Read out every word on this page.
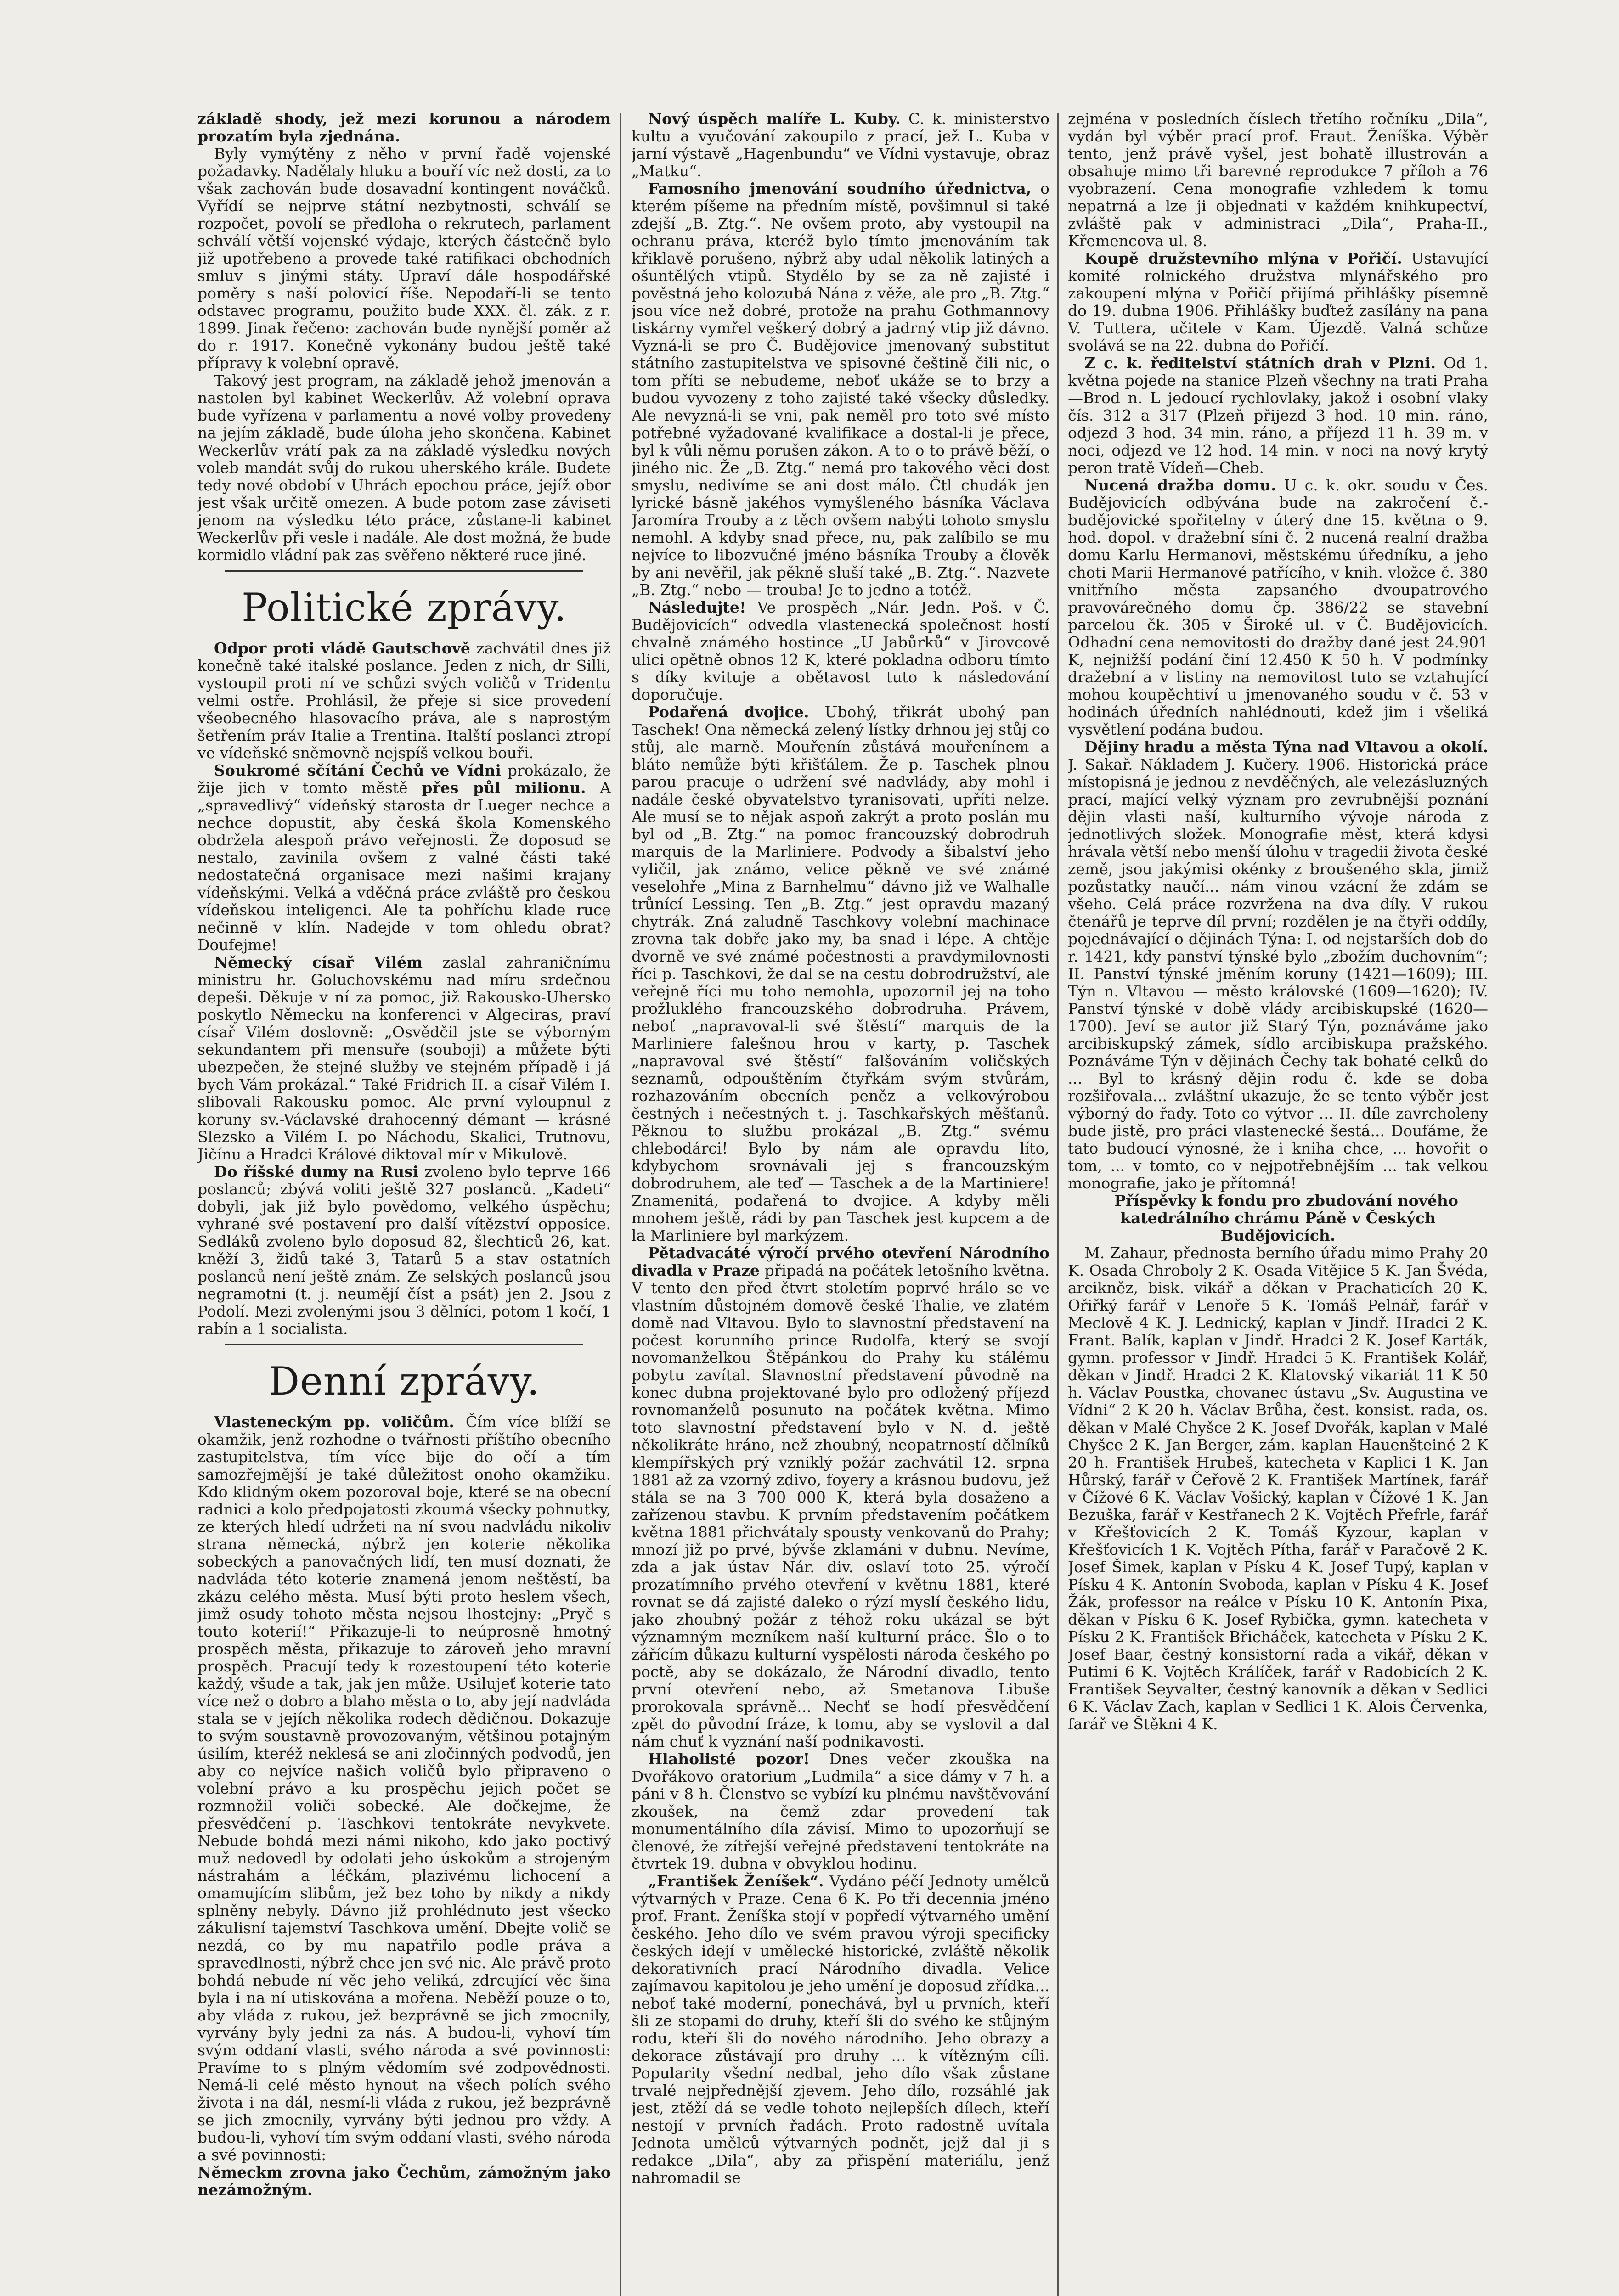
základě shody, jež mezi korunou a národem prozatím byla zjednána.

Byly vymýtěny z něho v první řadě vojenské požadavky. Nadělaly hluku a bouří víc než dosti, za to však zachován bude dosavadní kontingent nováčků. Vyřídí se nejprve státní nezbytnosti, schválí se rozpočet, povolí se předloha o rekrutech, parlament schválí větší vojenské výdaje, kterých částečně bylo již upotřebeno a provede také ratifikaci obchodních smluv s jinými státy. Upraví dále hospodářské poměry s naší polovicí říše. Nepodaří-li se tento odstavec programu, použito bude XXX. čl. zák. z r. 1899. Jinak řečeno: zachován bude nynější poměr až do r. 1917. Konečně vykonány budou ještě také přípravy k volební opravě.

Takový jest program, na základě jehož jmenován a nastolen byl kabinet Weckerlův. Až volební oprava bude vyřízena v parlamentu a nové volby provedeny na jejím základě, bude úloha jeho skončena. Kabinet Weckerlův vrátí pak za na základě výsledku nových voleb mandát svůj do rukou uherského krále. Budete tedy nové období v Uhrách epochou práce, jejíž obor jest však určitě omezen. A bude potom zase záviseti jenom na výsledku této práce, zůstane-li kabinet Weckerlův při vesle i nadále. Ale dost možná, že bude kormidlo vládní pak zas svěřeno některé ruce jiné.

Politické zprávy.

Odpor proti vládě Gautschově zachvátil dnes již konečně také italské poslance. Jeden z nich, dr Silli, vystoupil proti ní ve schůzi svých voličů v Tridentu velmi ostře. Prohlásil, že přeje si sice provedení všeobecného hlasovacího práva, ale s naprostým šetřením práv Italie a Trentina. Italští poslanci ztropí ve vídeňské sněmovně nejspíš velkou bouři.

Soukromé sčítání Čechů ve Vídni prokázalo, že žije jich v tomto městě přes půl milionu. A „spravedlivý“ vídeňský starosta dr Lueger nechce a nechce dopustit, aby česká škola Komenského obdržela alespoň právo veřejnosti. Že doposud se nestalo, zavinila ovšem z valné části také nedostatečná organisace mezi našimi krajany vídeňskými. Velká a vděčná práce zvláště pro českou vídeňskou inteligenci. Ale ta pohříchu klade ruce nečinně v klín. Nadejde v tom ohledu obrat? Doufejme!

Německý císař Vilém zaslal zahraničnímu ministru hr. Goluchovskému nad míru srdečnou depeši. Děkuje v ní za pomoc, již Rakousko-Uhersko poskytlo Německu na konferenci v Algeciras, praví císař Vilém doslovně: „Osvědčil jste se výborným sekundantem při mensuře (souboji) a můžete býti ubezpečen, že stejné služby ve stejném případě i já bych Vám prokázal.“ Také Fridrich II. a císař Vilém I. slibovali Rakousku pomoc. Ale první vyloupnul z koruny sv.-Václavské drahocenný démant — krásné Slezsko a Vilém I. po Náchodu, Skalici, Trutnovu, Jičínu a Hradci Králové diktoval mír v Mikulově.

Do říšské dumy na Rusi zvoleno bylo teprve 166 poslanců; zbývá voliti ještě 327 poslanců. „Kadeti“ dobyli, jak již bylo povědomo, velkého úspěchu; vyhrané své postavení pro další vítězství opposice. Sedláků zvoleno bylo doposud 82, šlechticů 26, kat. kněží 3, židů také 3, Tatarů 5 a stav ostatních poslanců není ještě znám. Ze selských poslanců jsou negramotni (t. j. neumějí číst a psát) jen 2. Jsou z Podolí. Mezi zvolenými jsou 3 dělníci, potom 1 kočí, 1 rabín a 1 socialista.

Denní zprávy.

Vlasteneckým pp. voličům. Čím více blíží se okamžik, jenž rozhodne o tvářnosti příštího obecního zastupitelstva, tím více bije do očí a tím samozřejmější je také důležitost onoho okamžiku. Kdo klidným okem pozoroval boje, které se na obecní radnici a kolo předpojatosti zkoumá všecky pohnutky, ze kterých hledí udržeti na ní svou nadvládu nikoliv strana německá, nýbrž jen koterie několika sobeckých a panovačných lidí, ten musí doznati, že nadvláda této koterie znamená jenom neštěstí, ba zkázu celého města. Musí býti proto heslem všech, jimž osudy tohoto města nejsou lhostejny: „Pryč s touto koterií!“ Přikazuje-li to neúprosně hmotný prospěch města, přikazuje to zároveň jeho mravní prospěch. Pracují tedy k rozestoupení této koterie každý, všude a tak, jak jen může. Usilujeť koterie tato více než o dobro a blaho města o to, aby její nadvláda stala se v jejích několika rodech dědičnou. Dokazuje to svým soustavně provozovaným, většinou potajným úsilím, kteréž neklesá se ani zločinných podvodů, jen aby co nejvíce našich voličů bylo připraveno o volební právo a ku prospěchu jejich počet se rozmnožil voliči sobecké. Ale dočkejme, že přesvědčení p. Taschkovi tentokráte nevykvete. Nebude bohdá mezi námi nikoho, kdo jako poctivý muž nedovedl by odolati jeho úskokům a strojeným nástrahám a léčkám, plazivému lichocení a omamujícím slibům, jež bez toho by nikdy a nikdy splněny nebyly. Dávno již prohlédnuto jest všecko zákulisní tajemství Taschkova umění. Dbejte volič se nezdá, co by mu napatřilo podle práva a spravedlnosti, nýbrž chce jen své nic. Ale právě proto bohdá nebude ní věc jeho veliká, zdrcující věc šina byla i na ní utiskována a mořena. Neběží pouze o to, aby vláda z rukou, jež bezprávně se jich zmocnily, vyrvány byly jedni za nás. A budou-li, vyhoví tím svým oddaní vlasti, svého národa a své povinnosti: Pravíme to s plným vědomím své zodpovědnosti. Nemá-li celé město hynout na všech polích svého života i na dál, nesmí-li vláda z rukou, jež bezprávně se jich zmocnily, vyrvány býti jednou pro vždy. A budou-li, vyhoví tím svým oddaní vlasti, svého národa a své povinnosti:

Německm zrovna jako Čechům, zámožným jako nezámožným.

Nový úspěch malíře L. Kuby. C. k. ministerstvo kultu a vyučování zakoupilo z prací, jež L. Kuba v jarní výstavě „Hagenbundu“ ve Vídni vystavuje, obraz „Matku“.

Famosního jmenování soudního úřednictva, o kterém píšeme na předním místě, povšimnul si také zdejší „B. Ztg.“. Ne ovšem proto, aby vystoupil na ochranu práva, kteréž bylo tímto jmenováním tak křiklavě porušeno, nýbrž aby udal několik latiných a ošuntělých vtipů. Stydělo by se za ně zajisté i pověstná jeho kolozubá Nána z věže, ale pro „B. Ztg.“ jsou více než dobré, protože na prahu Gothmannovy tiskárny vymřel veškerý dobrý a jadrný vtip již dávno. Vyzná-li se pro Č. Budějovice jmenovaný substitut státního zastupitelstva ve spisovné češtině čili nic, o tom příti se nebudeme, neboť ukáže se to brzy a budou vyvozeny z toho zajisté také všecky důsledky. Ale nevyzná-li se vni, pak neměl pro toto své místo potřebné vyžadované kvalifikace a dostal-li je přece, byl k vůli němu porušen zákon. A to o to právě běží, o jiného nic. Že „B. Ztg.“ nemá pro takového věci dost smyslu, nedivíme se ani dost málo. Čtl chudák jen lyrické básně jakéhos vymyšleného básníka Václava Jaromíra Trouby a z těch ovšem nabýti tohoto smyslu nemohl. A kdyby snad přece, nu, pak zalíbilo se mu nejvíce to libozvučné jméno básníka Trouby a člověk by ani nevěřil, jak pěkně sluší také „B. Ztg.“. Nazvete „B. Ztg.“ nebo — trouba! Je to jedno a totéž.

Následujte! Ve prospěch „Nár. Jedn. Poš. v Č. Budějovicích“ odvedla vlastenecká společnost hostí chvalně známého hostince „U Jabůrků“ v Jirovcově ulici opětně obnos 12 K, které pokladna odboru tímto s díky kvituje a obětavost tuto k následování doporučuje.

Podařená dvojice. Ubohý, třikrát ubohý pan Taschek! Ona německá zelený lístky drhnou jej stůj co stůj, ale marně. Mouřenín zůstává mouřenínem a bláto nemůže býti křišťálem. Že p. Taschek plnou parou pracuje o udržení své nadvlády, aby mohl i nadále české obyvatelstvo tyranisovati, upříti nelze. Ale musí se to nějak aspoň zakrýt a proto poslán mu byl od „B. Ztg.“ na pomoc francouzský dobrodruh marquis de la Marliniere. Podvody a šibalství jeho vyličil, jak známo, velice pěkně ve své známé veselohře „Mina z Barnhelmu“ dávno již ve Walhalle trůnící Lessing. Ten „B. Ztg.“ jest opravdu mazaný chytrák. Zná zaludně Taschkovy volební machinace zrovna tak dobře jako my, ba snad i lépe. A chtěje dvorně ve své známé počestnosti a pravdymilovnosti říci p. Taschkovi, že dal se na cestu dobrodružství, ale veřejně říci mu toho nemohla, upozornil jej na toho prožluklého francouzského dobrodruha. Právem, neboť „napravoval-li své štěstí“ marquis de la Marliniere falešnou hrou v karty, p. Taschek „napravoval své štěstí“ falšováním voličských seznamů, odpouštěním čtyřkám svým stvůrám, rozhazováním obecních peněz a velkovýrobou čestných i nečestných t. j. Taschkařských měšťanů. Pěknou to službu prokázal „B. Ztg.“ svému chlebodárci! Bylo by nám ale opravdu líto, kdybychom srovnávali jej s francouzským dobrodruhem, ale teď — Taschek a de la Martiniere! Znamenitá, podařená to dvojice. A kdyby měli mnohem ještě, rádi by pan Taschek jest kupcem a de la Marliniere byl markýzem.

Pětadvacáté výročí prvého otevření Národního divadla v Praze připadá na počátek letošního května. V tento den před čtvrt stoletím poprvé hrálo se ve vlastním důstojném domově české Thalie, ve zlatém domě nad Vltavou. Bylo to slavnostní představení na počest korunního prince Rudolfa, který se svojí novomanželkou Štěpánkou do Prahy ku stálému pobytu zavítal. Slavnostní představení původně na konec dubna projektované bylo pro odložený příjezd rovnomanželů posunuto na počátek května. Mimo toto slavnostní představení bylo v N. d. ještě několikráte hráno, než zhoubný, neopatrností dělníků klempířských prý vzniklý požár zachvátil 12. srpna 1881 až za vzorný zdivo, foyery a krásnou budovu, jež stála se na 3 700 000 K, která byla dosaženo a zařízenou stavbu. K prvním představením počátkem května 1881 přichvátaly spousty venkovanů do Prahy; mnozí již po prvé, bývše zklamáni v dubnu. Nevíme, zda a jak ústav Nár. div. oslaví toto 25. výročí prozatímního prvého otevření v květnu 1881, které rovnat se dá zajisté daleko o rýzí myslí českého lidu, jako zhoubný požár z téhož roku ukázal se být významným mezníkem naší kulturní práce. Šlo o to zářícím důkazu kulturní vyspělosti národa českého po poctě, aby se dokázalo, že Národní divadlo, tento první otevření nebo, až Smetanova Libuše prorokovala správně... Nechť se hodí přesvědčení zpět do původní fráze, k tomu, aby se vyslovil a dal nám chuť k vyznání naší podnikavosti.

Hlaholisté pozor! Dnes večer zkouška na Dvořákovo oratorium „Ludmila“ a sice dámy v 7 h. a páni v 8 h. Členstvo se vybízí ku plnému navštěvování zkoušek, na čemž zdar provedení tak monumentálního díla závisí. Mimo to upozorňují se členové, že zítřejší veřejné představení tentokráte na čtvrtek 19. dubna v obvyklou hodinu.

„František Ženíšek“. Vydáno péčí Jednoty umělců výtvarných v Praze. Cena 6 K. Po tři decennia jméno prof. Frant. Ženíška stojí v popředí výtvarného umění českého. Jeho dílo ve svém pravou výroji specificky českých idejí v umělecké historické, zvláště několik dekorativních prací Národního divadla. Velice zajímavou kapitolou je jeho umění je doposud zřídka... neboť také moderní, ponechává, byl u prvních, kteří šli ze stopami do druhy, kteří šli do svého ke stůjným rodu, kteří šli do nového národního. Jeho obrazy a dekorace zůstávají pro druhy ... k vítězným cíli. Popularity všední nedbal, jeho dílo však zůstane trvalé nejpřednější zjevem. Jeho dílo, rozsáhlé jak jest, ztěží dá se vedle tohoto nejlepších dílech, kteří nestojí v prvních řadách. Proto radostně uvítala Jednota umělců výtvarných podnět, jejž dal ji s redakce „Dila“, aby za přispění materiálu, jenž nahromadil se

zejména v posledních číslech třetího ročníku „Dila“, vydán byl výběr prací prof. Fraut. Ženíška. Výběr tento, jenž právě vyšel, jest bohatě illustrován a obsahuje mimo tři barevné reprodukce 7 příloh a 76 vyobrazení. Cena monografie vzhledem k tomu nepatrná a lze ji objednati v každém knihkupectví, zvláště pak v administraci „Dila“, Praha-II., Křemencova ul. 8.

Koupě družstevního mlýna v Pořičí. Ustavující komité rolnického družstva mlynářského pro zakoupení mlýna v Pořičí přijímá přihlášky písemně do 19. dubna 1906. Přihlášky buďtež zasílány na pana V. Tuttera, učitele v Kam. Újezdě. Valná schůze svolává se na 22. dubna do Pořičí.

Z c. k. ředitelství státních drah v Plzni. Od 1. května pojede na stanice Plzeň všechny na trati Praha—Brod n. L jedoucí rychlovlaky, jakož i osobní vlaky čís. 312 a 317 (Plzeň přijezd 3 hod. 10 min. ráno, odjezd 3 hod. 34 min. ráno, a příjezd 11 h. 39 m. v noci, odjezd ve 12 hod. 14 min. v noci na nový krytý peron tratě Vídeň—Cheb.

Nucená dražba domu. U c. k. okr. soudu v Čes. Budějovicích odbývána bude na zakročení č.-budějovické spořitelny v úterý dne 15. května o 9. hod. dopol. v dražební síni č. 2 nucená realní dražba domu Karlu Hermanovi, městskému úředníku, a jeho choti Marii Hermanové patřícího, v knih. vložce č. 380 vnitřního města zapsaného dvoupatrového pravovárečného domu čp. 386/22 se stavební parcelou čk. 305 v Široké ul. v Č. Budějovicích. Odhadní cena nemovitosti do dražby dané jest 24.901 K, nejnižší podání činí 12.450 K 50 h. V podmínky dražební a v listiny na nemovitost tuto se vztahující mohou koupěchtiví u jmenovaného soudu v č. 53 v hodinách úředních nahlédnouti, kdež jim i všeliká vysvětlení podána budou.

Dějiny hradu a města Týna nad Vltavou a okolí. J. Sakař. Nákladem J. Kučery. 1906. Historická práce místopisná je jednou z nevděčných, ale velezásluzných prací, mající velký význam pro zevrubnější poznání dějin vlasti naší, kulturního vývoje národa z jednotlivých složek. Monografie měst, která kdysi hrávala větší nebo menší úlohu v tragedii života české země, jsou jakýmisi okénky z broušeného skla, jimiž pozůstatky naučí... nám vinou vzácní že zdám se všeho. Celá práce rozvržena na dva díly. V rukou čtenářů je teprve díl první; rozdělen je na čtyři oddíly, pojednávající o dějinách Týna: I. od nejstarších dob do r. 1421, kdy panství týnské bylo „zbožím duchovním“; II. Panství týnské jměním koruny (1421—1609); III. Týn n. Vltavou — město královské (1609—1620); IV. Panství týnské v době vlády arcibiskupské (1620—1700). Jeví se autor již Starý Týn, poznáváme jako arcibiskupský zámek, sídlo arcibiskupa pražského. Poznáváme Týn v dějinách Čechy tak bohaté celků do ... Byl to krásný dějin rodu č. kde se doba rozšiřovala... zvláštní ukazuje, že se tento výběr jest výborný do řady. Toto co výtvor ... II. díle zavrcholeny bude jistě, pro práci vlastenecké šestá... Doufáme, že tato budoucí výnosné, že i kniha chce, ... hovořit o tom, ... v tomto, co v nejpotřebnějším ... tak velkou monografie, jako je přítomná!

Příspěvky k fondu pro zbudování nového katedrálního chrámu Páně v Českých Budějovicích.

M. Zahaur, přednosta berního úřadu mimo Prahy 20 K. Osada Chroboly 2 K. Osada Vitějice 5 K. Jan Švéda, arcikněz, bisk. vikář a děkan v Prachaticích 20 K. Ořiřký farář v Lenoře 5 K. Tomáš Pelnář, farář v Meclově 4 K. J. Lednický, kaplan v Jindř. Hradci 2 K. Frant. Balík, kaplan v Jindř. Hradci 2 K. Josef Karták, gymn. professor v Jindř. Hradci 5 K. František Kolář, děkan v Jindř. Hradci 2 K. Klatovský vikariát 11 K 50 h. Václav Poustka, chovanec ústavu „Sv. Augustina ve Vídni“ 2 K 20 h. Václav Brůha, čest. konsist. rada, os. děkan v Malé Chyšce 2 K. Josef Dvořák, kaplan v Malé Chyšce 2 K. Jan Berger, zám. kaplan Hauenšteiné 2 K 20 h. František Hrubeš, katecheta v Kaplici 1 K. Jan Hůrský, farář v Čeřově 2 K. František Martínek, farář v Čížové 6 K. Václav Vošický, kaplan v Čížové 1 K. Jan Bezuška, farář v Kestřanech 2 K. Vojtěch Přefrle, farář v Křešťovicích 2 K. Tomáš Kyzour, kaplan v Křešťovicích 1 K. Vojtěch Pítha, farář v Paračově 2 K. Josef Šimek, kaplan v Písku 4 K. Josef Tupý, kaplan v Písku 4 K. Antonín Svoboda, kaplan v Písku 4 K. Josef Žák, professor na reálce v Písku 10 K. Antonín Pixa, děkan v Písku 6 K. Josef Rybička, gymn. katecheta v Písku 2 K. František Břicháček, katecheta v Písku 2 K. Josef Baar, čestný konsistorní rada a vikář, děkan v Putimi 6 K. Vojtěch Králíček, farář v Radobicích 2 K. František Seyvalter, čestný kanovník a děkan v Sedlici 6 K. Václav Zach, kaplan v Sedlici 1 K. Alois Červenka, farář ve Štěkni 4 K.
